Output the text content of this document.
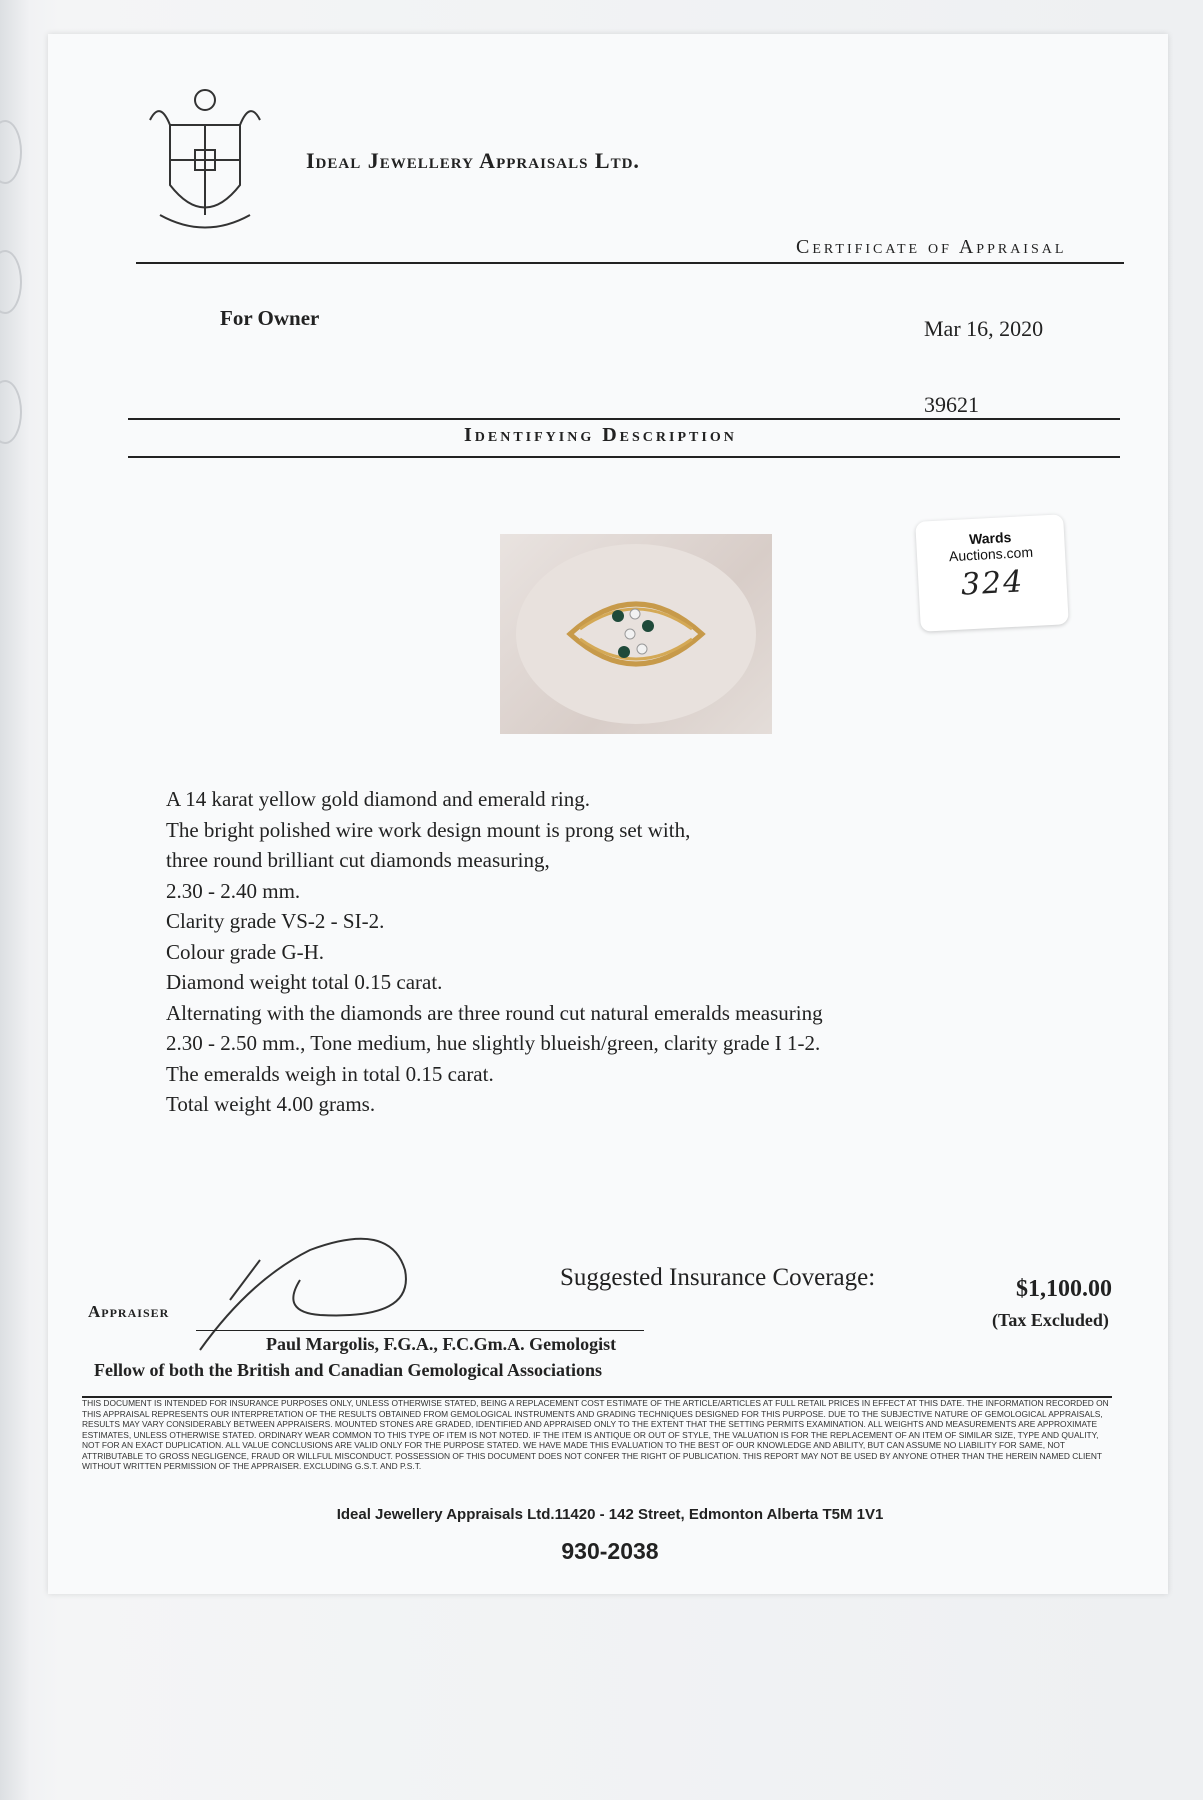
Ideal Jewellery Appraisals Ltd.
Certificate of Appraisal
For Owner	Mar 16, 2020
39621
Identifying Description
Wards
Auctions.com
324
A 14 karat yellow gold diamond and emerald ring.
The bright polished wire work design mount is prong set with,
three round brilliant cut diamonds measuring,
2.30 - 2.40 mm.
Clarity grade VS-2 - SI-2.
Colour grade G-H.
Diamond weight total 0.15 carat.
Alternating with the diamonds are three round cut natural emeralds measuring
2.30 - 2.50 mm., Tone medium, hue slightly blueish/green, clarity grade I 1-2.
The emeralds weigh in total 0.15 carat.
Total weight 4.00 grams.
Suggested Insurance Coverage:	$1,100.00
(Tax Excluded)
Appraiser
Paul Margolis, F.G.A., F.C.Gm.A. Gemologist
Fellow of both the British and Canadian Gemological Associations
THIS DOCUMENT IS INTENDED FOR INSURANCE PURPOSES ONLY, UNLESS OTHERWISE STATED, BEING A REPLACEMENT COST ESTIMATE OF THE ARTICLE/ARTICLES AT FULL RETAIL PRICES IN EFFECT AT THIS DATE. THE INFORMATION RECORDED ON THIS APPRAISAL REPRESENTS OUR INTERPRETATION OF THE RESULTS OBTAINED FROM GEMOLOGICAL INSTRUMENTS AND GRADING TECHNIQUES DESIGNED FOR THIS PURPOSE. DUE TO THE SUBJECTIVE NATURE OF GEMOLOGICAL APPRAISALS, RESULTS MAY VARY CONSIDERABLY BETWEEN APPRAISERS. MOUNTED STONES ARE GRADED, IDENTIFIED AND APPRAISED ONLY TO THE EXTENT THAT THE SETTING PERMITS EXAMINATION. ALL WEIGHTS AND MEASUREMENTS ARE APPROXIMATE ESTIMATES, UNLESS OTHERWISE STATED. ORDINARY WEAR COMMON TO THIS TYPE OF ITEM IS NOT NOTED. IF THE ITEM IS ANTIQUE OR OUT OF STYLE, THE VALUATION IS FOR THE REPLACEMENT OF AN ITEM OF SIMILAR SIZE, TYPE AND QUALITY, NOT FOR AN EXACT DUPLICATION. ALL VALUE CONCLUSIONS ARE VALID ONLY FOR THE PURPOSE STATED. WE HAVE MADE THIS EVALUATION TO THE BEST OF OUR KNOWLEDGE AND ABILITY, BUT CAN ASSUME NO LIABILITY FOR SAME, NOT ATTRIBUTABLE TO GROSS NEGLIGENCE, FRAUD OR WILLFUL MISCONDUCT. POSSESSION OF THIS DOCUMENT DOES NOT CONFER THE RIGHT OF PUBLICATION. THIS REPORT MAY NOT BE USED BY ANYONE OTHER THAN THE HEREIN NAMED CLIENT WITHOUT WRITTEN PERMISSION OF THE APPRAISER. EXCLUDING G.S.T. AND P.S.T.
Ideal Jewellery Appraisals Ltd.11420 - 142 Street, Edmonton Alberta T5M 1V1
930-2038
